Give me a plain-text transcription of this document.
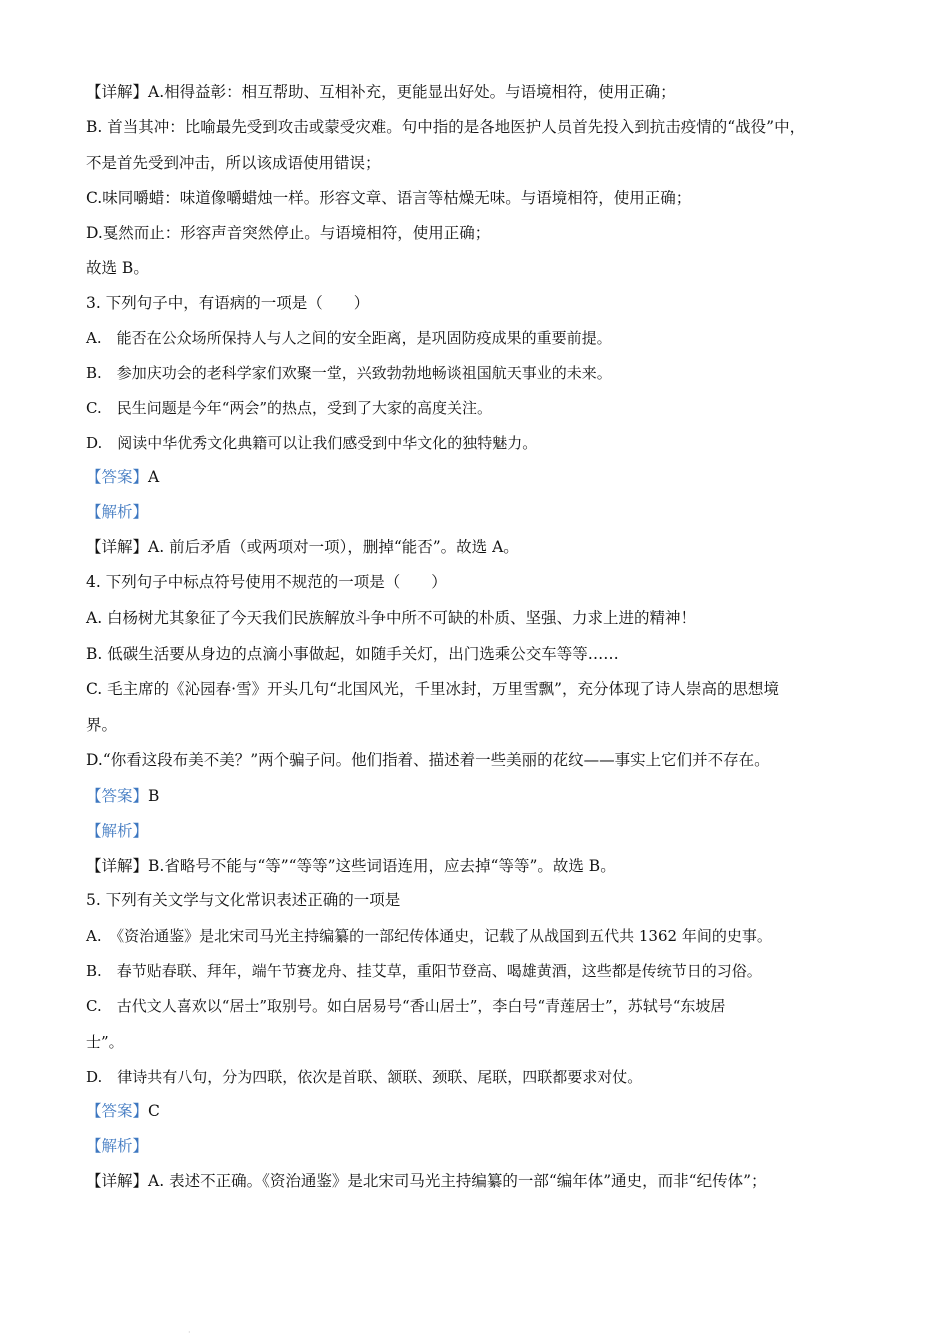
【详解】A.相得益彰：相互帮助、互相补充，更能显出好处。与语境相符，使用正确；
B. 首当其冲：比喻最先受到攻击或蒙受灾难。句中指的是各地医护人员首先投入到抗击疫情的“战役”中，
不是首先受到冲击，所以该成语使用错误；
C.味同嚼蜡：味道像嚼蜡烛一样。形容文章、语言等枯燥无味。与语境相符，使用正确；
D.戛然而止：形容声音突然停止。与语境相符，使用正确；
故选 B。
3. 下列句子中，有语病的一项是（　　）
A.　能否在公众场所保持人与人之间的安全距离，是巩固防疫成果的重要前提。
B.　参加庆功会的老科学家们欢聚一堂，兴致勃勃地畅谈祖国航天事业的未来。
C.　民生问题是今年“两会”的热点，受到了大家的高度关注。
D.　阅读中华优秀文化典籍可以让我们感受到中华文化的独特魅力。
【答案】A
【解析】
【详解】A. 前后矛盾（或两项对一项），删掉“能否”。故选 A。
4. 下列句子中标点符号使用不规范的一项是（　　）
A. 白杨树尤其象征了今天我们民族解放斗争中所不可缺的朴质、坚强、力求上进的精神！
B. 低碳生活要从身边的点滴小事做起，如随手关灯，出门选乘公交车等等……
C. 毛主席的《沁园春·雪》开头几句“北国风光，千里冰封，万里雪飘”，充分体现了诗人崇高的思想境
界。
D.“你看这段布美不美？”两个骗子问。他们指着、描述着一些美丽的花纹——事实上它们并不存在。
【答案】B
【解析】
【详解】B.省略号不能与“等”“等等”这些词语连用，应去掉“等等”。故选 B。
5. 下列有关文学与文化常识表述正确的一项是
A.　《资治通鉴》是北宋司马光主持编纂的一部纪传体通史，记载了从战国到五代共 1362 年间的史事。
B.　春节贴春联、拜年，端午节赛龙舟、挂艾草，重阳节登高、喝雄黄酒，这些都是传统节日的习俗。
C.　古代文人喜欢以“居士”取别号。如白居易号“香山居士”，李白号“青莲居士”，苏轼号“东坡居
士”。
D.　律诗共有八句，分为四联，依次是首联、颔联、颈联、尾联，四联都要求对仗。
【答案】C
【解析】
【详解】A. 表述不正确。《资治通鉴》是北宋司马光主持编纂的一部“编年体”通史，而非“纪传体”；
·
